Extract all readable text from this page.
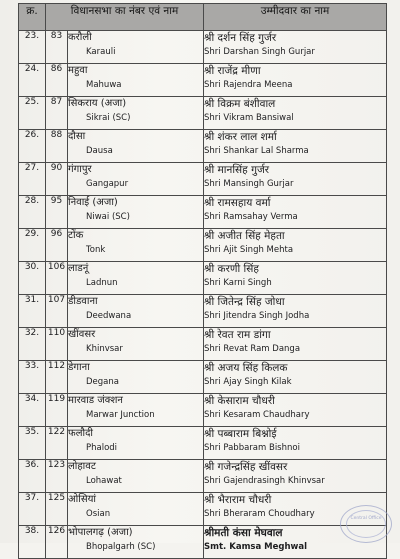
क्र.	विधानसभा का नंबर एवं नाम		उम्मीदवार का नाम
23.	83	करौली
Karauli	श्री दर्शन सिंह गुर्जर
Shri Darshan Singh Gurjar

24.	86	महुवा
Mahuwa	श्री राजेंद्र मीणा
Shri Rajendra Meena

25.	87	सिकराय (अजा)
Sikrai (SC)	श्री विक्रम बंशीवाल
Shri Vikram Bansiwal

26.	88	दौसा
Dausa	श्री शंकर लाल शर्मा
Shri Shankar Lal Sharma

27.	90	गंगापुर
Gangapur	श्री मानसिंह गुर्जर
Shri Mansingh Gurjar

28.	95	निवाई (अजा)
Niwai (SC)	श्री रामसहाय वर्मा
Shri Ramsahay Verma

29.	96	टोंक
Tonk	श्री अजीत सिंह मेहता
Shri Ajit Singh Mehta

30.	106	लाडनूं
Ladnun	श्री करणी सिंह
Shri Karni Singh

31.	107	डीडवाना
Deedwana	श्री जितेन्द्र सिंह जोधा
Shri Jitendra Singh Jodha

32.	110	खींवसर
Khinvsar	श्री रेवत राम डांगा
Shri Revat Ram Danga

33.	112	डेगाना
Degana	श्री अजय सिंह किलक
Shri Ajay Singh Kilak

34.	119	मारवाड जंक्शन
Marwar Junction	श्री केसाराम चौधरी
Shri Kesaram Chaudhary

35.	122	फलौदी
Phalodi	श्री पब्बाराम बिश्नोई
Shri Pabbaram Bishnoi

36.	123	लोहावट
Lohawat	श्री गजेन्द्रसिंह खींवसर
Shri Gajendrasingh Khinvsar

37.	125	ओसियां
Osian	श्री भैराराम चौधरी
Shri Bheraram Choudhary

38.	126	भोपालगढ़ (अजा)
Bhopalgarh (SC)	श्रीमती कंसा मेघवाल
Smt. Kamsa Meghwal
Central Office
